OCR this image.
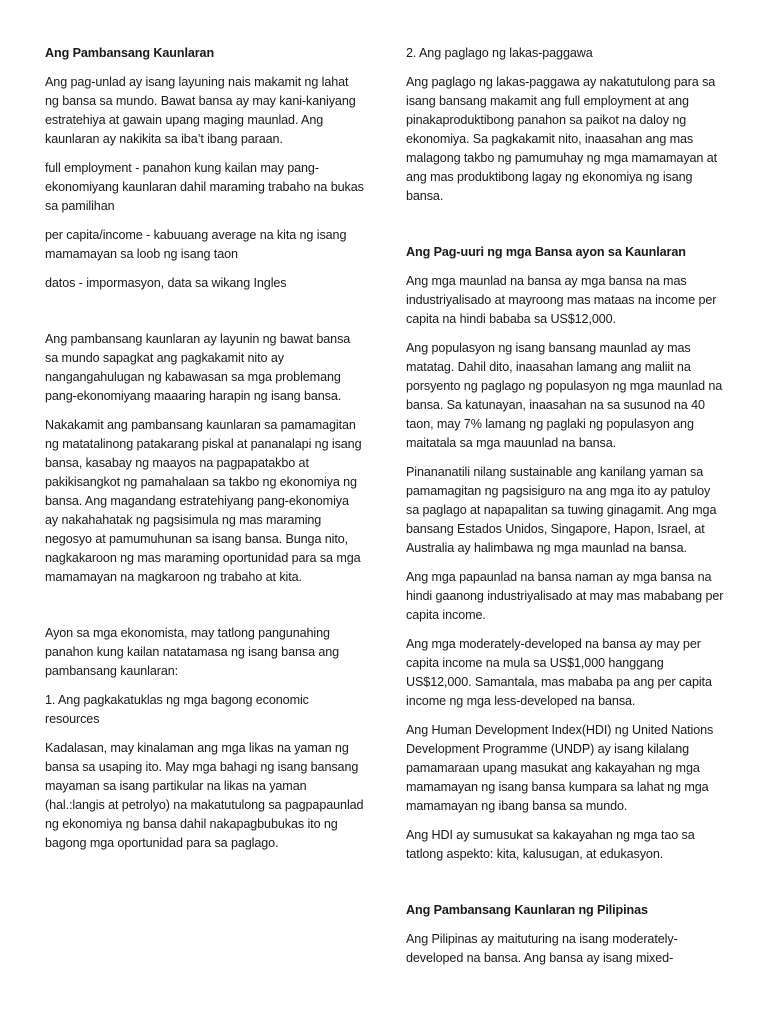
Ang Pambansang Kaunlaran

Ang pag-unlad ay isang layuning nais makamit ng lahat ng bansa sa mundo. Bawat bansa ay may kani-kaniyang estratehiya at gawain upang maging maunlad. Ang kaunlaran ay nakikita sa iba’t ibang paraan.

full employment - panahon kung kailan may pang-ekonomiyang kaunlaran dahil maraming trabaho na bukas sa pamilihan

per capita/income - kabuuang average na kita ng isang mamamayan sa loob ng isang taon

datos - impormasyon, data sa wikang Ingles

Ang pambansang kaunlaran ay layunin ng bawat bansa sa mundo sapagkat ang pagkakamit nito ay nangangahulugan ng kabawasan sa mga problemang pang-ekonomiyang maaaring harapin ng isang bansa.

Nakakamit ang pambansang kaunlaran sa pamamagitan ng matatalinong patakarang piskal at pananalapi ng isang bansa, kasabay ng maayos na pagpapatakbo at pakikisangkot ng pamahalaan sa takbo ng ekonomiya ng bansa. Ang magandang estratehiyang pang-ekonomiya ay nakahahatak ng pagsisimula ng mas maraming negosyo at pamumuhunan sa isang bansa. Bunga nito, nagkakaroon ng mas maraming oportunidad para sa mga mamamayan na magkaroon ng trabaho at kita.

Ayon sa mga ekonomista, may tatlong pangunahing panahon kung kailan natatamasa ng isang bansa ang pambansang kaunlaran:

1. Ang pagkakatuklas ng mga bagong economic resources

Kadalasan, may kinalaman ang mga likas na yaman ng bansa sa usaping ito. May mga bahagi ng isang bansang mayaman sa isang partikular na likas na yaman (hal.:langis at petrolyo) na makatutulong sa pagpapaunlad ng ekonomiya ng bansa dahil nakapagbubukas ito ng bagong mga oportunidad para sa paglago.

2. Ang paglago ng lakas-paggawa

Ang paglago ng lakas-paggawa ay nakatutulong para sa isang bansang makamit ang full employment at ang pinakaproduktibong panahon sa paikot na daloy ng ekonomiya. Sa pagkakamit nito, inaasahan ang mas malagong takbo ng pamumuhay ng mga mamamayan at ang mas produktibong lagay ng ekonomiya ng isang bansa.

Ang Pag-uuri ng mga Bansa ayon sa Kaunlaran

Ang mga maunlad na bansa ay mga bansa na mas industriyalisado at mayroong mas mataas na income per capita na hindi bababa sa US$12,000.

Ang populasyon ng isang bansang maunlad ay mas matatag. Dahil dito, inaasahan lamang ang maliit na porsyento ng paglago ng populasyon ng mga maunlad na bansa. Sa katunayan, inaasahan na sa susunod na 40 taon, may 7% lamang ng paglaki ng populasyon ang maitatala sa mga mauunlad na bansa.

Pinananatili nilang sustainable ang kanilang yaman sa pamamagitan ng pagsisiguro na ang mga ito ay patuloy sa paglago at napapalitan sa tuwing ginagamit. Ang mga bansang Estados Unidos, Singapore, Hapon, Israel, at Australia ay halimbawa ng mga maunlad na bansa.

Ang mga papaunlad na bansa naman ay mga bansa na hindi gaanong industriyalisado at may mas mababang per capita income.

Ang mga moderately-developed na bansa ay may per capita income na mula sa US$1,000 hanggang US$12,000. Samantala, mas mababa pa ang per capita income ng mga less-developed na bansa.

Ang Human Development Index(HDI) ng United Nations Development Programme (UNDP) ay isang kilalang pamamaraan upang masukat ang kakayahan ng mga mamamayan ng isang bansa kumpara sa lahat ng mga mamamayan ng ibang bansa sa mundo.

Ang HDI ay sumusukat sa kakayahan ng mga tao sa tatlong aspekto: kita, kalusugan, at edukasyon.

Ang Pambansang Kaunlaran ng Pilipinas

Ang Pilipinas ay maituturing na isang moderately-developed na bansa. Ang bansa ay isang mixed-
